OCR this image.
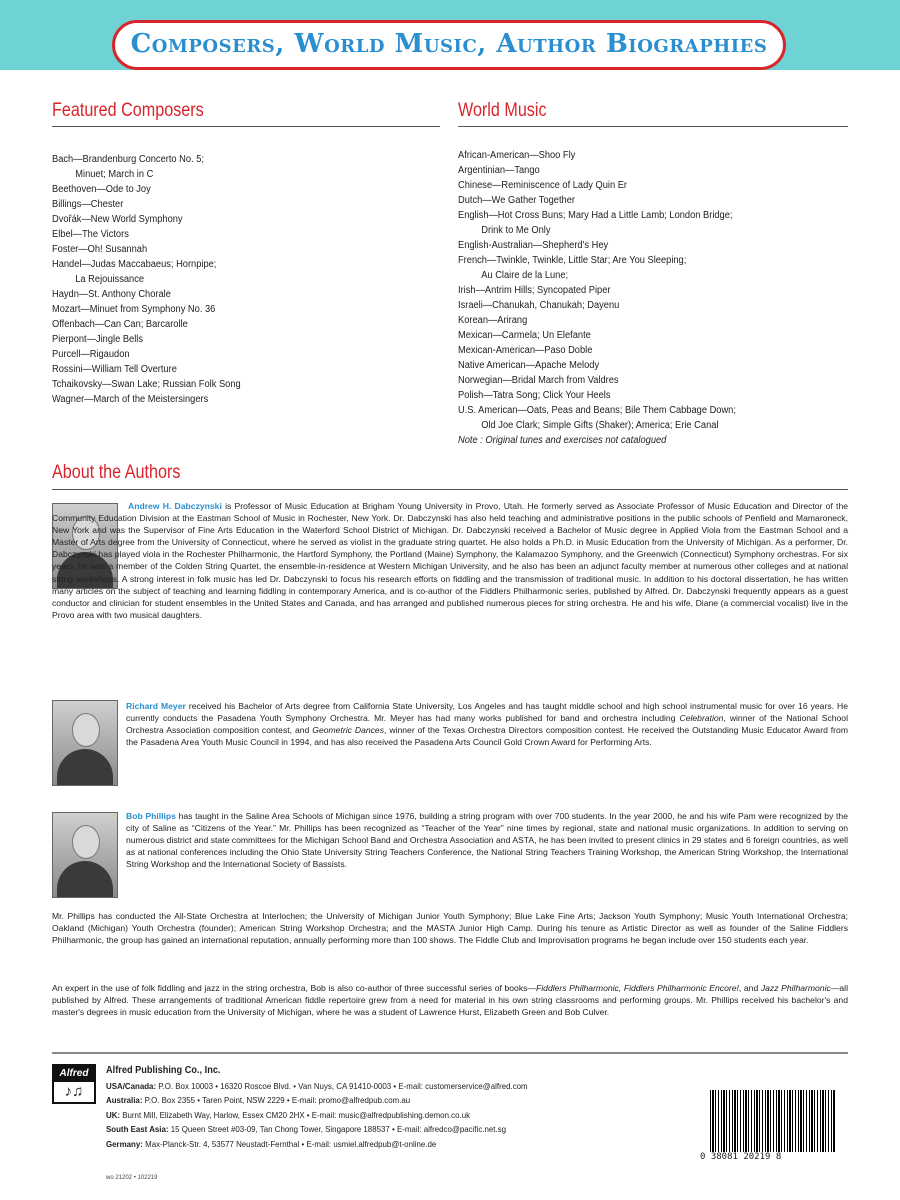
Composers, World Music, Author Biographies
Featured Composers
Bach—Brandenburg Concerto No. 5;
Minuet; March in C
Beethoven—Ode to Joy
Billings—Chester
Dvořák—New World Symphony
Elbel—The Victors
Foster—Oh! Susannah
Handel—Judas Maccabaeus; Hornpipe;
La Rejouissance
Haydn—St. Anthony Chorale
Mozart—Minuet from Symphony No. 36
Offenbach—Can Can; Barcarolle
Pierpont—Jingle Bells
Purcell—Rigaudon
Rossini—William Tell Overture
Tchaikovsky—Swan Lake; Russian Folk Song
Wagner—March of the Meistersingers
World Music
African-American—Shoo Fly
Argentinian—Tango
Chinese—Reminiscence of Lady Quin Er
Dutch—We Gather Together
English—Hot Cross Buns; Mary Had a Little Lamb; London Bridge;
Drink to Me Only
English-Australian—Shepherd's Hey
French—Twinkle, Twinkle, Little Star; Are You Sleeping;
Au Claire de la Lune;
Irish—Antrim Hills; Syncopated Piper
Israeli—Chanukah, Chanukah; Dayenu
Korean—Arirang
Mexican—Carmela; Un Elefante
Mexican-American—Paso Doble
Native American—Apache Melody
Norwegian—Bridal March from Valdres
Polish—Tatra Song; Click Your Heels
U.S. American—Oats, Peas and Beans; Bile Them Cabbage Down;
Old Joe Clark; Simple Gifts (Shaker); America; Erie Canal
Note : Original tunes and exercises not catalogued
About the Authors

Andrew H. Dabczynski is Professor of Music Education at Brigham Young University in Provo, Utah. He formerly served as Associate Professor of Music Education and Director of the Community Education Division at the Eastman School of Music in Rochester, New York. Dr. Dabczynski has also held teaching and administrative positions in the public schools of Penfield and Mamaroneck, New York and was the Supervisor of Fine Arts Education in the Waterford School District of Michigan. Dr. Dabczynski received a Bachelor of Music degree in Applied Viola from the Eastman School and a Master of Arts degree from the University of Connecticut, where he served as violist in the graduate string quartet. He also holds a Ph.D. in Music Education from the University of Michigan. As a performer, Dr. Dabczynski has played viola in the Rochester Philharmonic, the Hartford Symphony, the Portland (Maine) Symphony, the Kalamazoo Symphony, and the Greenwich (Connecticut) Symphony orchestras. For six years, he was a member of the Colden String Quartet, the ensemble-in-residence at Western Michigan University, and he also has been an adjunct faculty member at numerous other colleges and at national string workshops. A strong interest in folk music has led Dr. Dabczynski to focus his research efforts on fiddling and the transmission of traditional music. In addition to his doctoral dissertation, he has written many articles on the subject of teaching and learning fiddling in contemporary America, and is co-author of the Fiddlers Philharmonic series, published by Alfred. Dr. Dabczynski frequently appears as a guest conductor and clinician for student ensembles in the United States and Canada, and has arranged and published numerous pieces for string orchestra. He and his wife, Diane (a commercial vocalist) live in the Provo area with two musical daughters.

Richard Meyer received his Bachelor of Arts degree from California State University, Los Angeles and has taught middle school and high school instrumental music for over 16 years. He currently conducts the Pasadena Youth Symphony Orchestra. Mr. Meyer has had many works published for band and orchestra including Celebration, winner of the National School Orchestra Association composition contest, and Geometric Dances, winner of the Texas Orchestra Directors composition contest. He received the Outstanding Music Educator Award from the Pasadena Area Youth Music Council in 1994, and has also received the Pasadena Arts Council Gold Crown Award for Performing Arts.

Bob Phillips has taught in the Saline Area Schools of Michigan since 1976, building a string program with over 700 students. In the year 2000, he and his wife Pam were recognized by the city of Saline as “Citizens of the Year.” Mr. Phillips has been recognized as “Teacher of the Year” nine times by regional, state and national music organizations. In addition to serving on numerous district and state committees for the Michigan School Band and Orchestra Association and ASTA, he has been invited to present clinics in 29 states and 6 foreign countries, as well as at national conferences including the Ohio State University String Teachers Conference, the National String Teachers Training Workshop, the American String Workshop, the International String Workshop and the International Society of Bassists.

Mr. Phillips has conducted the All-State Orchestra at Interlochen; the University of Michigan Junior Youth Symphony; Blue Lake Fine Arts; Jackson Youth Symphony; Music Youth International Orchestra; Oakland (Michigan) Youth Orchestra (founder); American String Workshop Orchestra; and the MASTA Junior High Camp. During his tenure as Artistic Director as well as founder of the Saline Fiddlers Philharmonic, the group has gained an international reputation, annually performing more than 100 shows. The Fiddle Club and Improvisation programs he began include over 150 students each year.

An expert in the use of folk fiddling and jazz in the string orchestra, Bob is also co-author of three successful series of books—Fiddlers Philharmonic, Fiddlers Philharmonic Encore!, and Jazz Philharmonic—all published by Alfred. These arrangements of traditional American fiddle repertoire grew from a need for material in his own string classrooms and performing groups. Mr. Phillips received his bachelor's and master's degrees in music education from the University of Michigan, where he was a student of Lawrence Hurst, Elizabeth Green and Bob Culver.

Alfred
♪♫
Alfred Publishing Co., Inc.
USA/Canada: P.O. Box 10003 • 16320 Roscoe Blvd. • Van Nuys, CA 91410-0003 • E-mail: customerservice@alfred.com
Australia: P.O. Box 2355 • Taren Point, NSW 2229 • E-mail: promo@alfredpub.com.au
UK: Burnt Mill, Elizabeth Way, Harlow, Essex CM20 2HX • E-mail: music@alfredpublishing.demon.co.uk
South East Asia: 15 Queen Street #03-09, Tan Chong Tower, Singapore 188537 • E-mail: alfredco@pacific.net.sg
Germany: Max-Planck-Str. 4, 53577 Neustadt-Fernthal • E-mail: usmiel.alfredpub@t-online.de
wo 21202 • 102219
0 38081 20219 8
